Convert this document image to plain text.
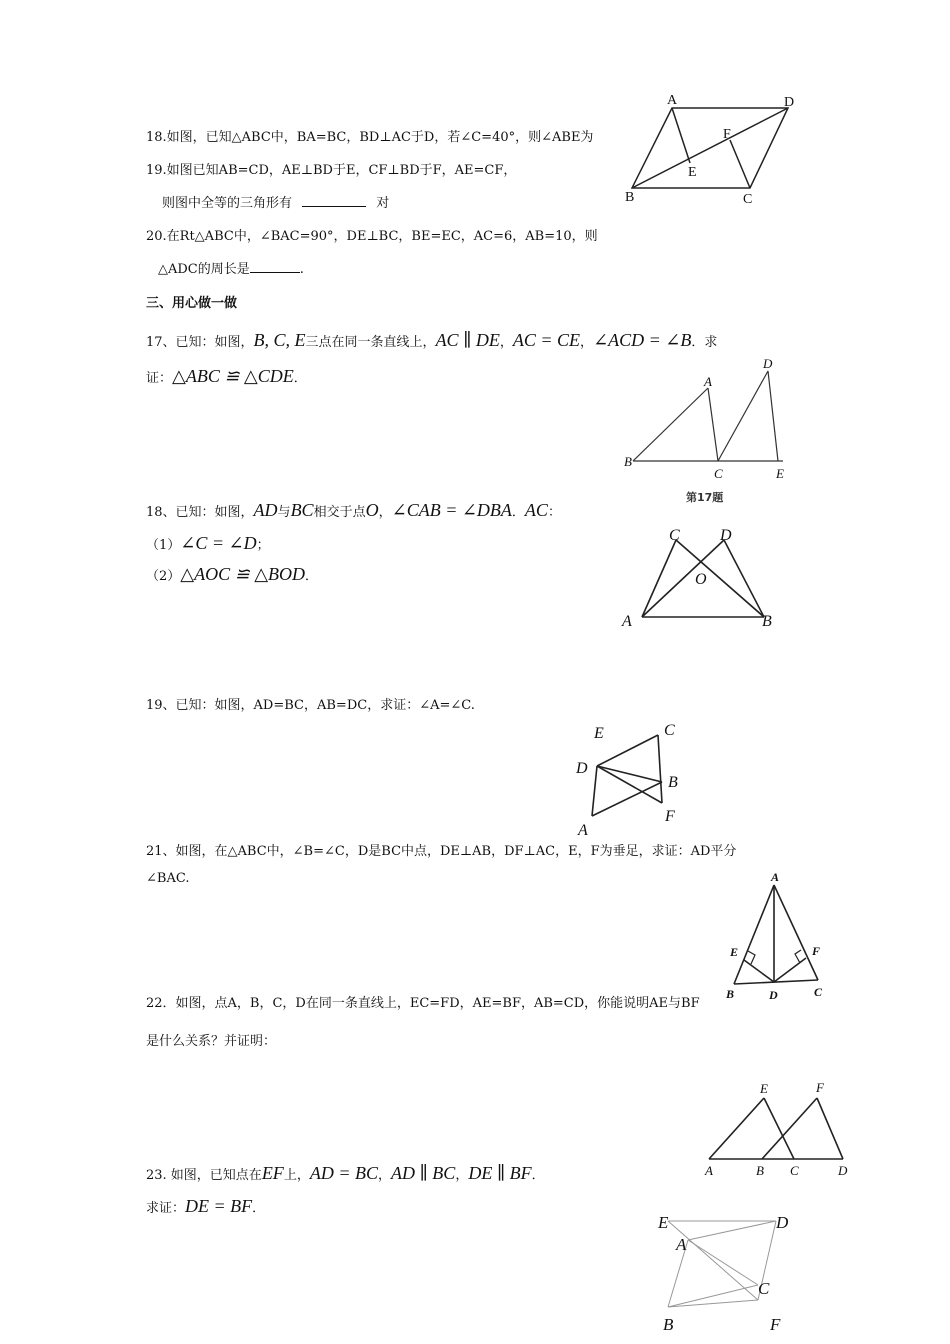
18.如图，已知△ABC中，BA=BC，BD⊥AC于D，若∠C=40°，则∠ABE为
19.如图已知AB=CD，AE⊥BD于E，CF⊥BD于F，AE=CF，
则图中全等的三角形有	对
20.在Rt△ABC中，∠BAC=90°，DE⊥BC，BE=EC，AC=6，AB=10，则
△ADC的周长是	.
三、用心做一做
17、已知：如图，B, C, E三点在同一条直线上，AC ∥ DE，AC = CE，∠ACD = ∠B．求
证：△ABC ≌ △CDE．
18、已知：如图，AD与BC相交于点O，∠CAB = ∠DBA．AC：
（1）∠C = ∠D；
（2）△AOC ≌ △BOD．
19、已知：如图，AD=BC，AB=DC，求证：∠A=∠C.
21、如图，在△ABC中，∠B=∠C，D是BC中点，DE⊥AB，DF⊥AC，E，F为垂足，求证：AD平分
∠BAC.
22．如图，点A，B，C，D在同一条直线上，EC=FD，AE=BF，AB=CD，你能说明AE与BF
是什么关系？并证明：
23. 如图，已知点在EF上，AD = BC，AD ∥ BC，DE ∥ BF．
求证：DE = BF．
A	D
F
E
B	C
A
D
B
C	E
第17题
C	D
O
A	B
E	C
D
B
A
F
A
E	F
B	D	C
E	F
A	B C	D
E	D
A
C
B	F
